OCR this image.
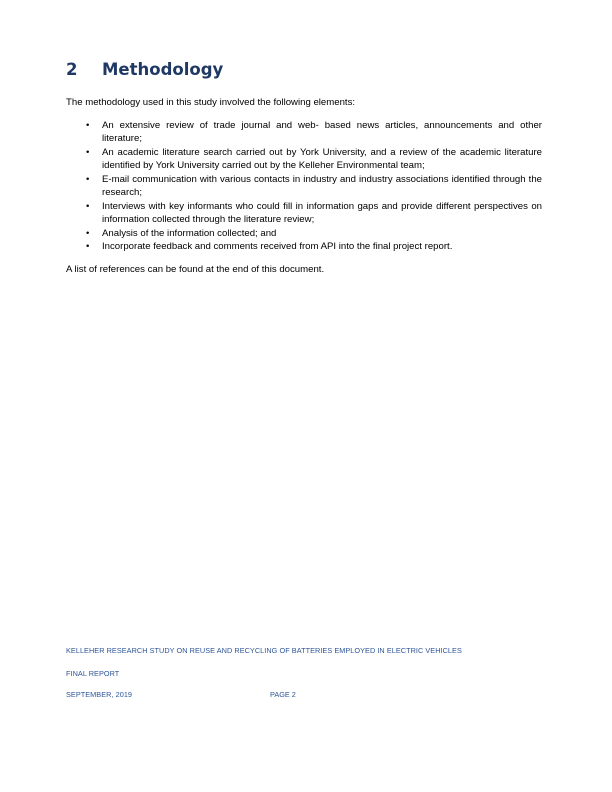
2	Methodology

The methodology used in this study involved the following elements:

• An extensive review of trade journal and web- based news articles, announcements and other literature;
• An academic literature search carried out by York University, and a review of the academic literature identified by York University carried out by the Kelleher Environmental team;
• E-mail communication with various contacts in industry and industry associations identified through the research;
• Interviews with key informants who could fill in information gaps and provide different perspectives on information collected through the literature review;
• Analysis of the information collected; and
• Incorporate feedback and comments received from API into the final project report.

A list of references can be found at the end of this document.

KELLEHER RESEARCH STUDY ON REUSE AND RECYCLING OF BATTERIES EMPLOYED IN ELECTRIC VEHICLES
FINAL REPORT
SEPTEMBER, 2019	PAGE 2
